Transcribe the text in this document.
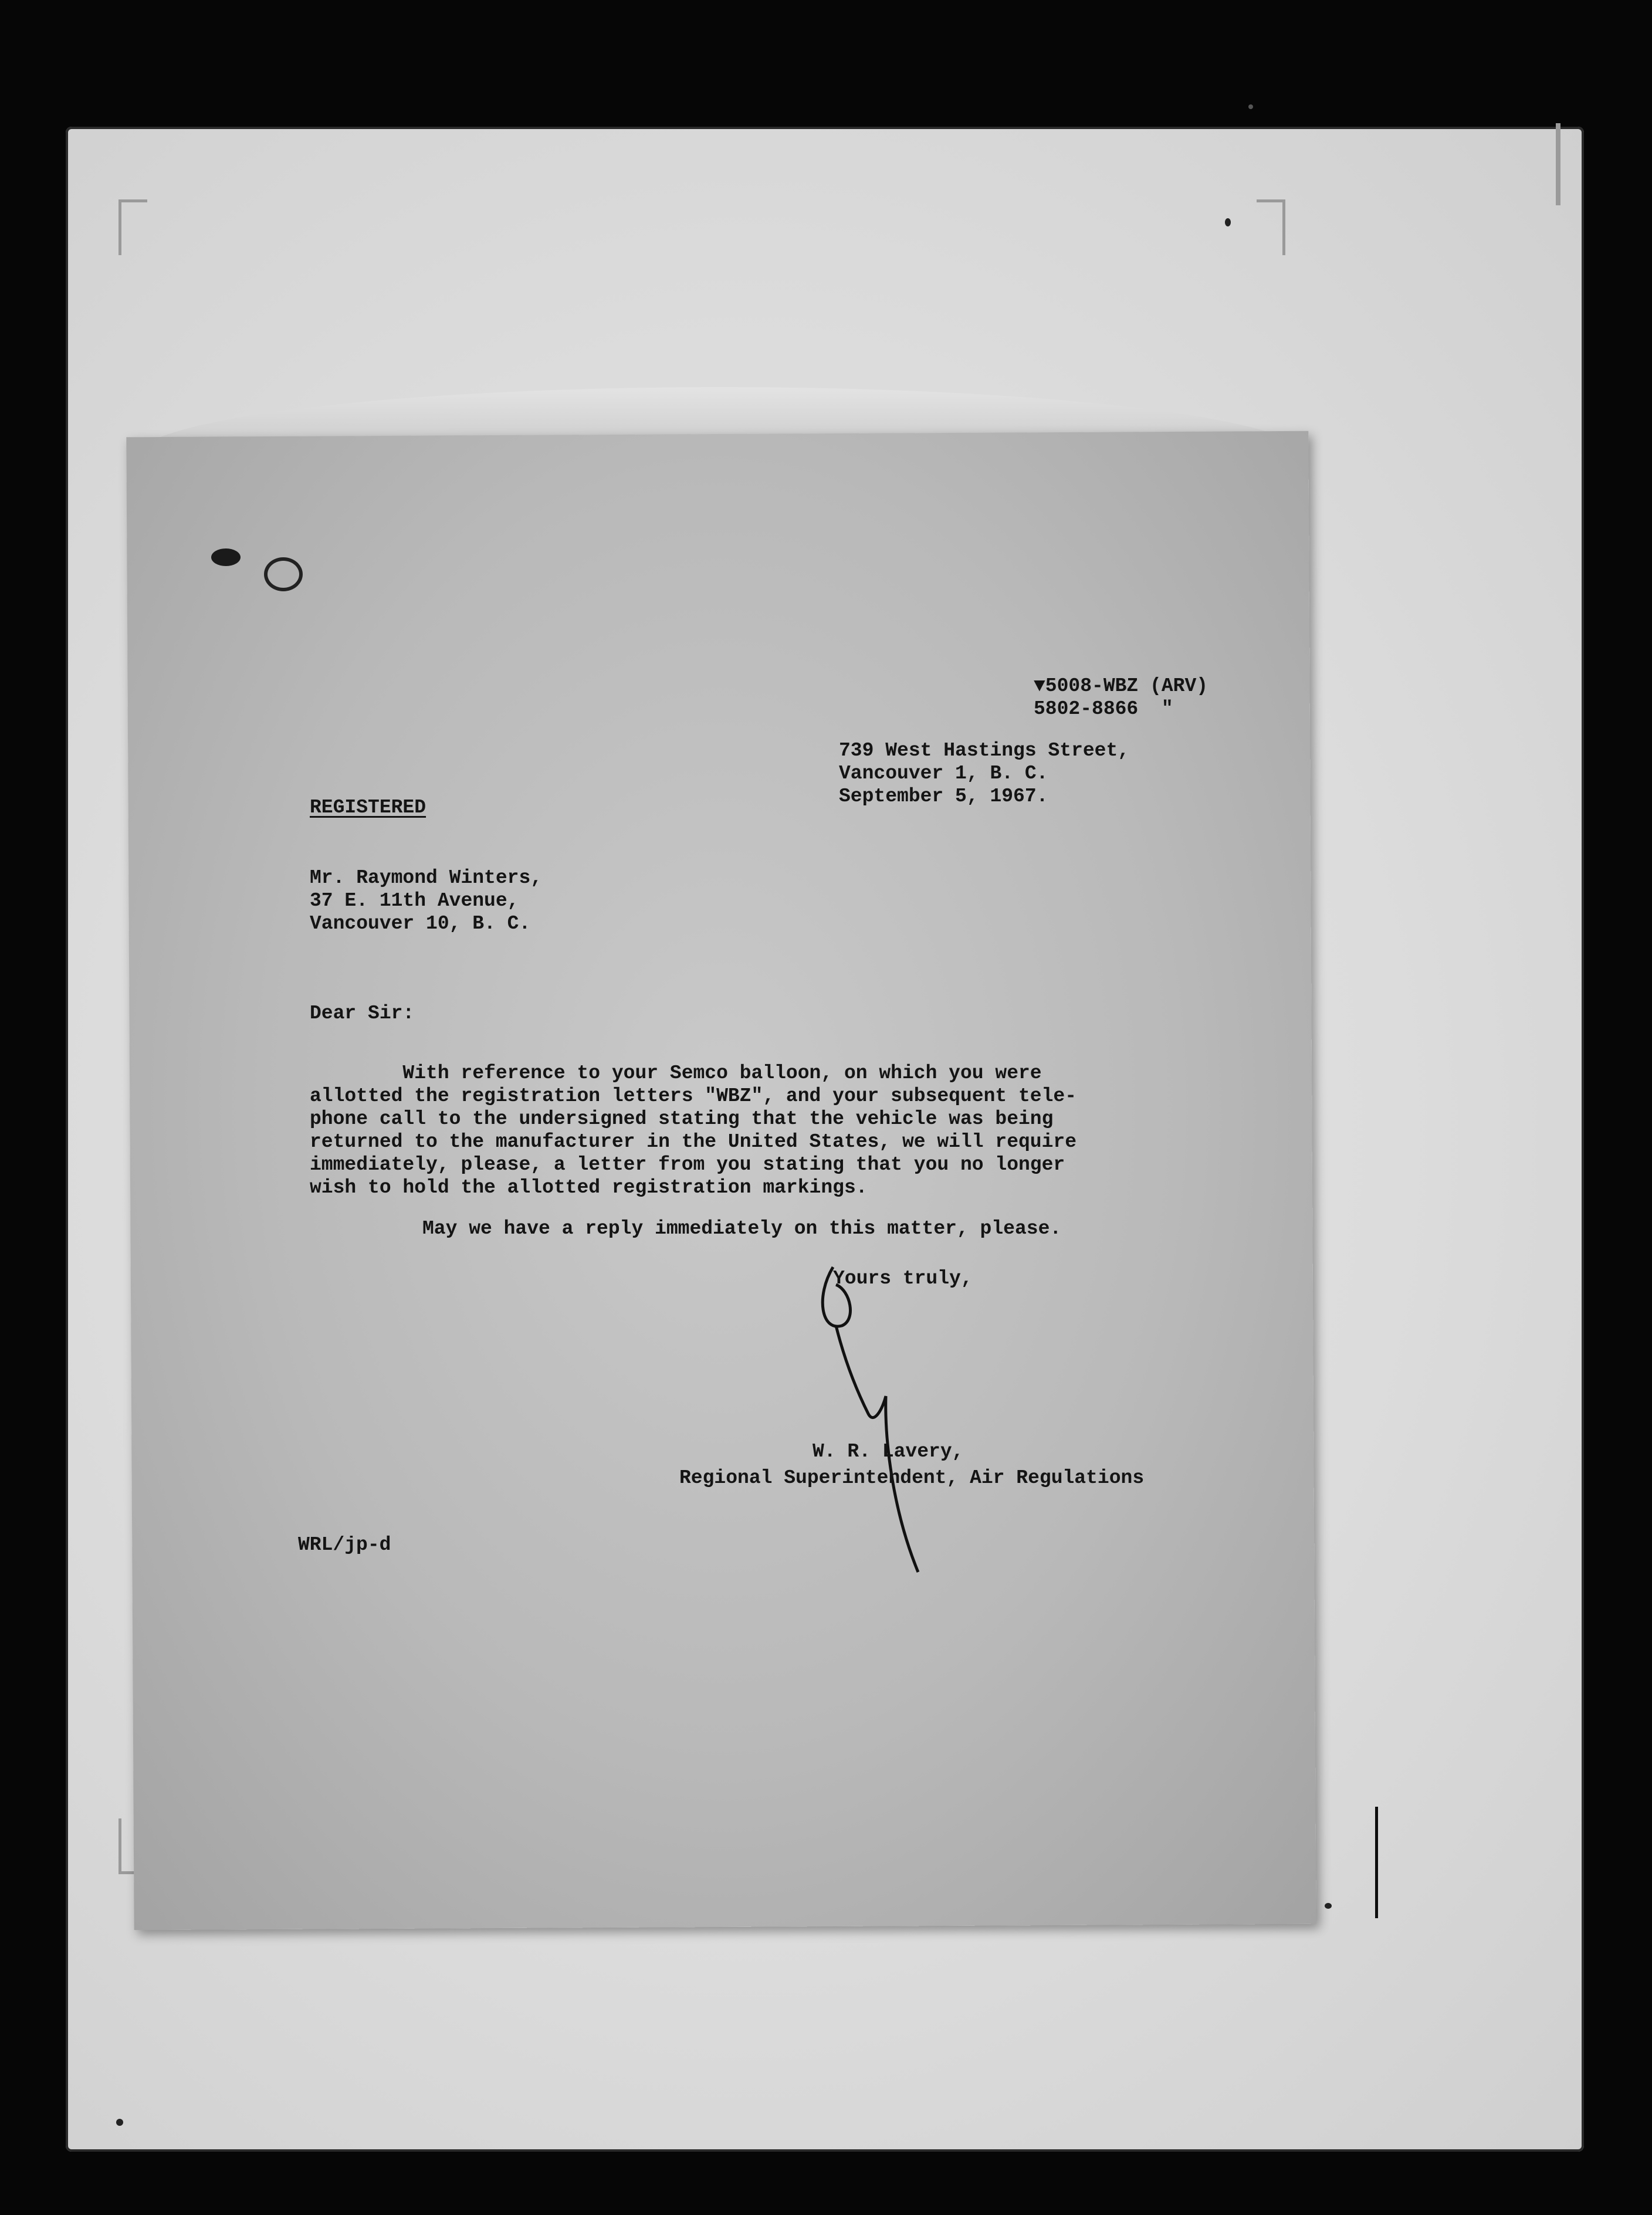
▼5008-WBZ (ARV)
5802-8866  "
739 West Hastings Street,
Vancouver 1, B. C.
September 5, 1967.
REGISTERED
Mr. Raymond Winters,
37 E. 11th Avenue,
Vancouver 10, B. C.
Dear Sir:
With reference to your Semco balloon, on which you were
allotted the registration letters "WBZ", and your subsequent tele-
phone call to the undersigned stating that the vehicle was being
returned to the manufacturer in the United States, we will require
immediately, please, a letter from you stating that you no longer
wish to hold the allotted registration markings.
May we have a reply immediately on this matter, please.
Yours truly,
W. R. Lavery,
Regional Superintendent, Air Regulations
WRL/jp-d
